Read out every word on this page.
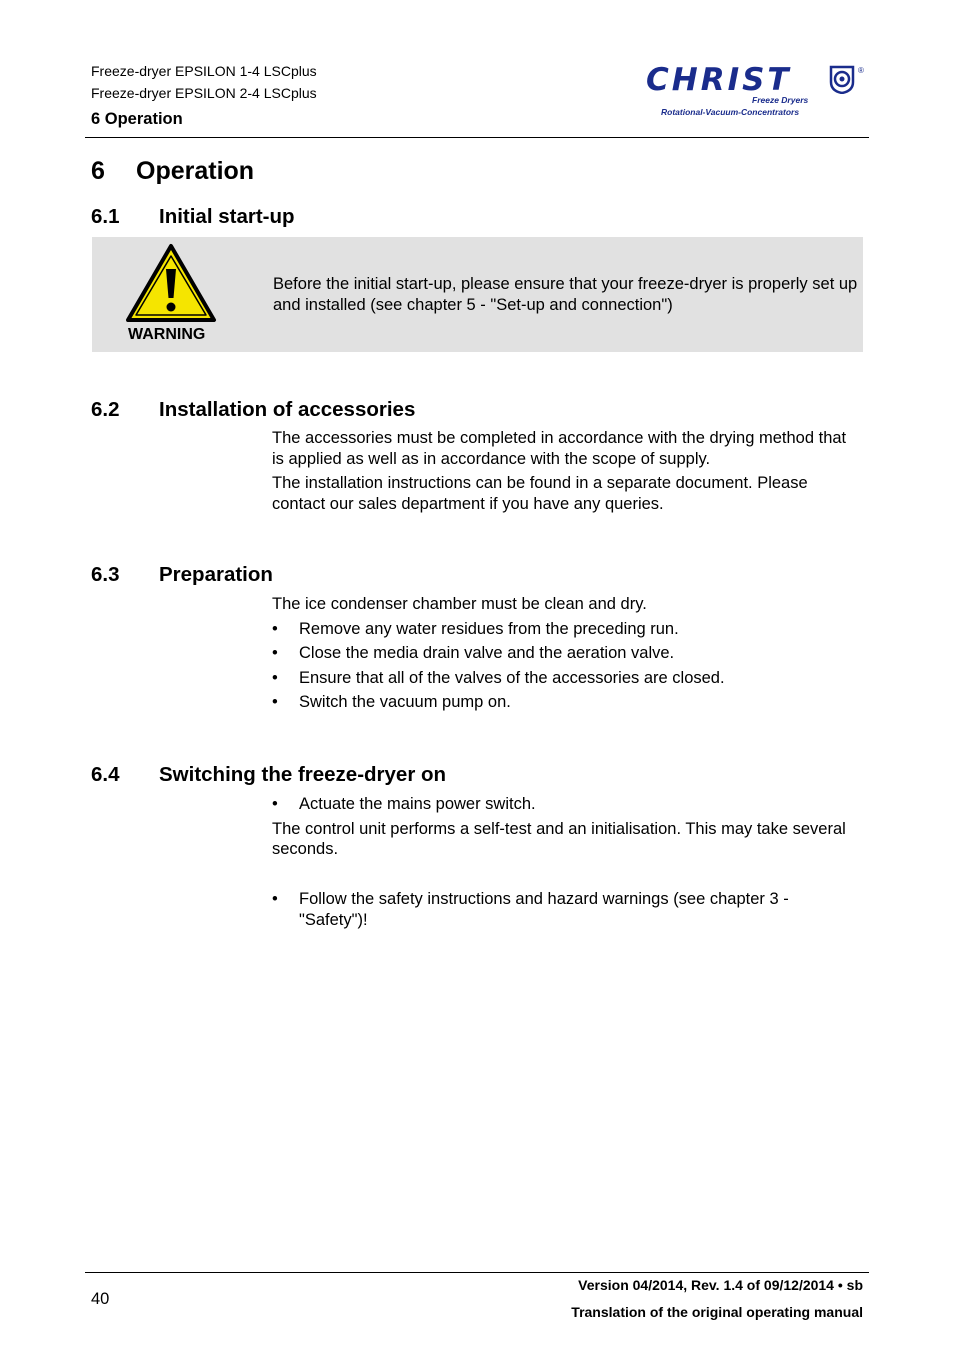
Freeze-dryer EPSILON 1-4 LSCplus
Freeze-dryer EPSILON 2-4 LSCplus
6 Operation
CHRIST	®
Freeze Dryers
Rotational-Vacuum-Concentrators
6 Operation
6.1 Initial start-up
WARNING
Before the initial start-up, please ensure that your freeze-dryer is properly set up and installed (see chapter 5 - "Set-up and connection")
6.2 Installation of accessories

The accessories must be completed in accordance with the drying method that is applied as well as in accordance with the scope of supply.

The installation instructions can be found in a separate document. Please contact our sales department if you have any queries.

6.3 Preparation

The ice condenser chamber must be clean and dry.

• Remove any water residues from the preceding run.
• Close the media drain valve and the aeration valve.
• Ensure that all of the valves of the accessories are closed.
• Switch the vacuum pump on.
6.4 Switching the freeze-dryer on
• Actuate the mains power switch.

The control unit performs a self-test and an initialisation. This may take several seconds.

• Follow the safety instructions and hazard warnings (see chapter 3 - "Safety")!
40
Version 04/2014, Rev. 1.4 of 09/12/2014 • sb
Translation of the original operating manual
